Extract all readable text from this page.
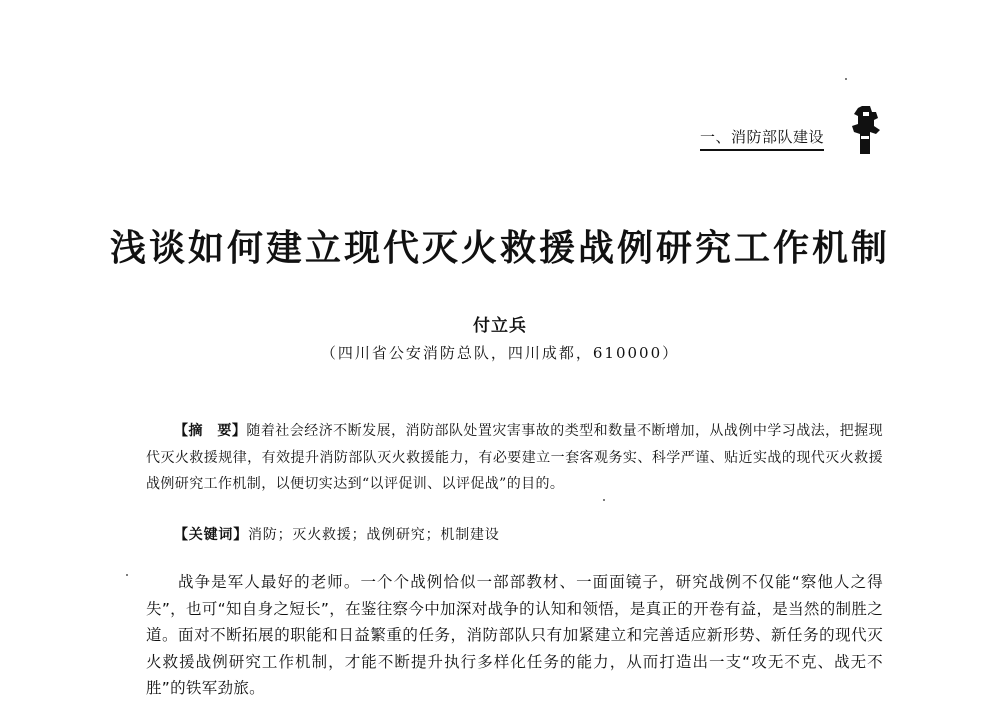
一、消防部队建设
浅谈如何建立现代灭火救援战例研究工作机制
付立兵
（四川省公安消防总队，四川成都，610000）

【摘　要】随着社会经济不断发展，消防部队处置灾害事故的类型和数量不断增加，从战例中学习战法，把握现代灭火救援规律，有效提升消防部队灭火救援能力，有必要建立一套客观务实、科学严谨、贴近实战的现代灭火救援战例研究工作机制，以便切实达到“以评促训、以评促战”的目的。

【关键词】消防；灭火救援；战例研究；机制建设

战争是军人最好的老师。一个个战例恰似一部部教材、一面面镜子，研究战例不仅能“察他人之得失”，也可“知自身之短长”，在鉴往察今中加深对战争的认知和领悟，是真正的开卷有益，是当然的制胜之道。面对不断拓展的职能和日益繁重的任务，消防部队只有加紧建立和完善适应新形势、新任务的现代灭火救援战例研究工作机制，才能不断提升执行多样化任务的能力，从而打造出一支“攻无不克、战无不胜”的铁军劲旅。
